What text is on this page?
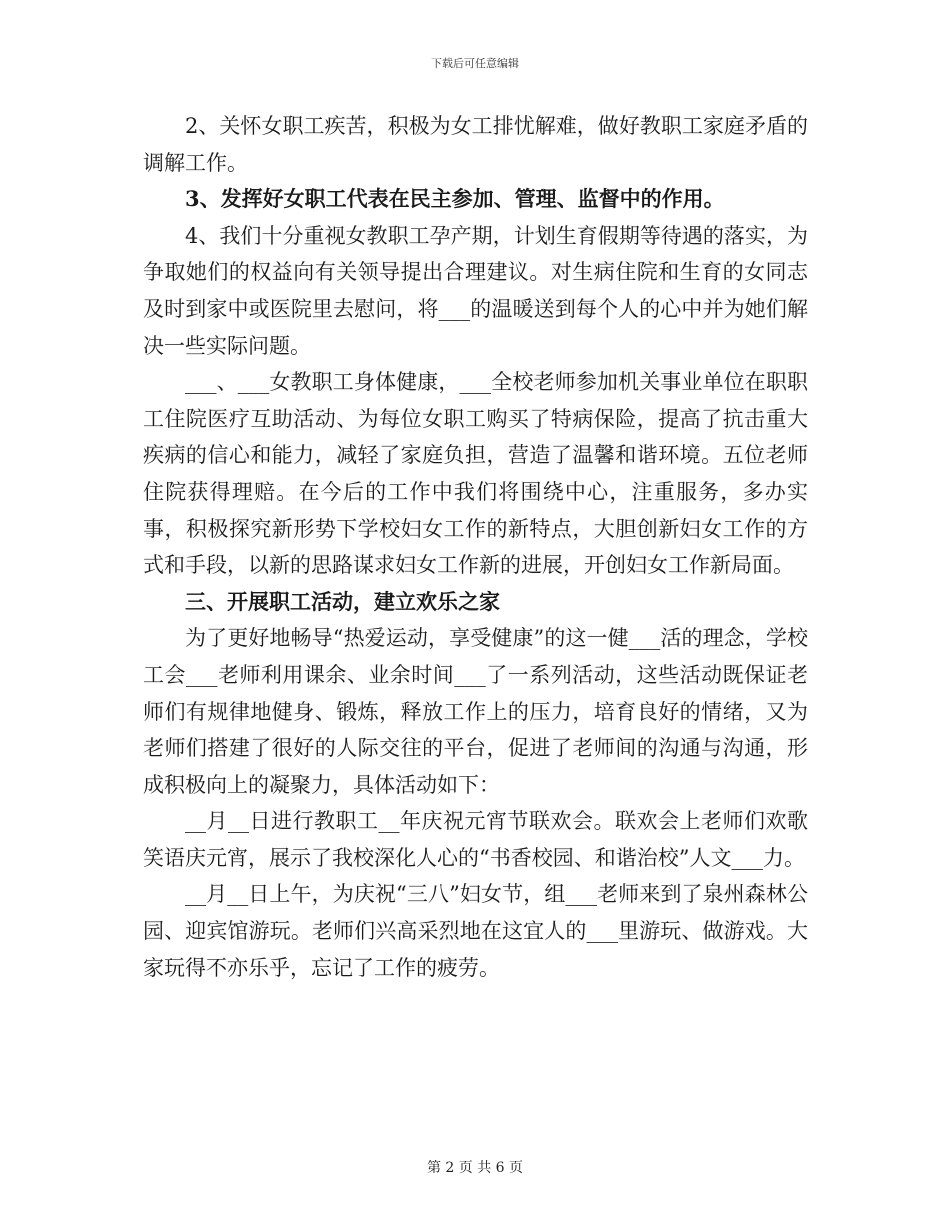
下载后可任意编辑

2、关怀女职工疾苦，积极为女工排忧解难，做好教职工家庭矛盾的调解工作。

3、发挥好女职工代表在民主参加、管理、监督中的作用。

4、我们十分重视女教职工孕产期，计划生育假期等待遇的落实，为争取她们的权益向有关领导提出合理建议。对生病住院和生育的女同志及时到家中或医院里去慰问，将___的温暖送到每个人的心中并为她们解决一些实际问题。

___、___女教职工身体健康，___全校老师参加机关事业单位在职职工住院医疗互助活动、为每位女职工购买了特病保险，提高了抗击重大疾病的信心和能力，减轻了家庭负担，营造了温馨和谐环境。五位老师住院获得理赔。在今后的工作中我们将围绕中心，注重服务，多办实事，积极探究新形势下学校妇女工作的新特点，大胆创新妇女工作的方式和手段，以新的思路谋求妇女工作新的进展，开创妇女工作新局面。

三、开展职工活动，建立欢乐之家

为了更好地畅导“热爱运动，享受健康”的这一健___活的理念，学校工会___老师利用课余、业余时间___了一系列活动，这些活动既保证老师们有规律地健身、锻炼，释放工作上的压力，培育良好的情绪，又为老师们搭建了很好的人际交往的平台，促进了老师间的沟通与沟通，形成积极向上的凝聚力，具体活动如下：

__月__日进行教职工__年庆祝元宵节联欢会。联欢会上老师们欢歌笑语庆元宵，展示了我校深化人心的“书香校园、和谐治校”人文___力。

__月__日上午，为庆祝“三八”妇女节，组___老师来到了泉州森林公园、迎宾馆游玩。老师们兴高采烈地在这宜人的___里游玩、做游戏。大家玩得不亦乐乎，忘记了工作的疲劳。

第 2 页 共 6 页
